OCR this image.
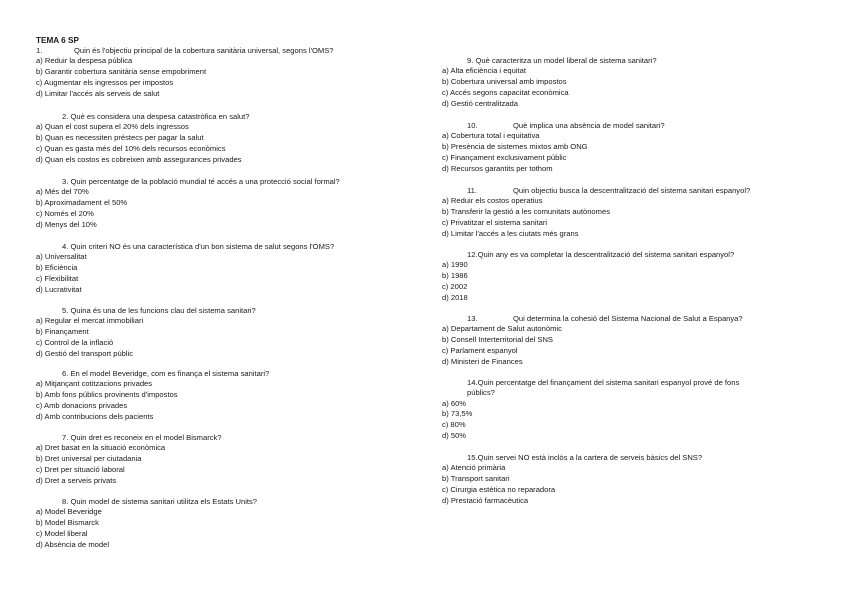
TEMA 6 SP
1.	Quin és l'objectiu principal de la cobertura sanitària universal, segons l'OMS?
a) Reduir la despesa pública
b) Garantir cobertura sanitària sense empobriment
c) Augmentar els ingressos per impostos
d) Limitar l'accés als serveis de salut
2. Què es considera una despesa catastròfica en salut?
a) Quan el cost supera el 20% dels ingressos
b) Quan es necessiten préstecs per pagar la salut
c) Quan es gasta més del 10% dels recursos econòmics
d) Quan els costos es cobreixen amb assegurances privades
3. Quin percentatge de la població mundial té accés a una protecció social formal?
a) Més del 70%
b) Aproximadament el 50%
c) Només el 20%
d) Menys del 10%
4. Quin criteri NO és una característica d'un bon sistema de salut segons l'OMS?
a) Universalitat
b) Eficiència
c) Flexibilitat
d) Lucrativitat
5. Quina és una de les funcions clau del sistema sanitari?
a) Regular el mercat immobiliari
b) Finançament
c) Control de la inflació
d) Gestió del transport públic
6. En el model Beveridge, com es finança el sistema sanitari?
a) Mitjançant cotitzacions privades
b) Amb fons públics provinents d'impostos
c) Amb donacions privades
d) Amb contribucions dels pacients
7. Quin dret es reconeix en el model Bismarck?
a) Dret basat en la situació econòmica
b) Dret universal per ciutadania
c) Dret per situació laboral
d) Dret a serveis privats
8. Quin model de sistema sanitari utilitza els Estats Units?
a) Model Beveridge
b) Model Bismarck
c) Model liberal
d) Absència de model
9. Què caracteritza un model liberal de sistema sanitari?
a) Alta eficiència i equitat
b) Cobertura universal amb impostos
c) Accés segons capacitat econòmica
d) Gestió centralitzada
10.	Què implica una absència de model sanitari?
a) Cobertura total i equitativa
b) Presència de sistemes mixtos amb ONG
c) Finançament exclusivament públic
d) Recursos garantits per tothom
11.	Quin objectiu busca la descentralització del sistema sanitari espanyol?
a) Reduir els costos operatius
b) Transferir la gestió a les comunitats autònomes
c) Privatitzar el sistema sanitari
d) Limitar l'accés a les ciutats més grans
12.Quin any es va completar la descentralització del sistema sanitari espanyol?
a) 1990
b) 1986
c) 2002
d) 2018
13.	Qui determina la cohesió del Sistema Nacional de Salut a Espanya?
a) Departament de Salut autonòmic
b) Consell Interterritorial del SNS
c) Parlament espanyol
d) Ministeri de Finances
14.Quin percentatge del finançament del sistema sanitari espanyol prové de fons públics?
a) 60%
b) 73,5%
c) 80%
d) 50%
15.Quin servei NO està inclòs a la cartera de serveis bàsics del SNS?
a) Atenció primària
b) Transport sanitari
c) Cirurgia estètica no reparadora
d) Prestació farmacèutica
